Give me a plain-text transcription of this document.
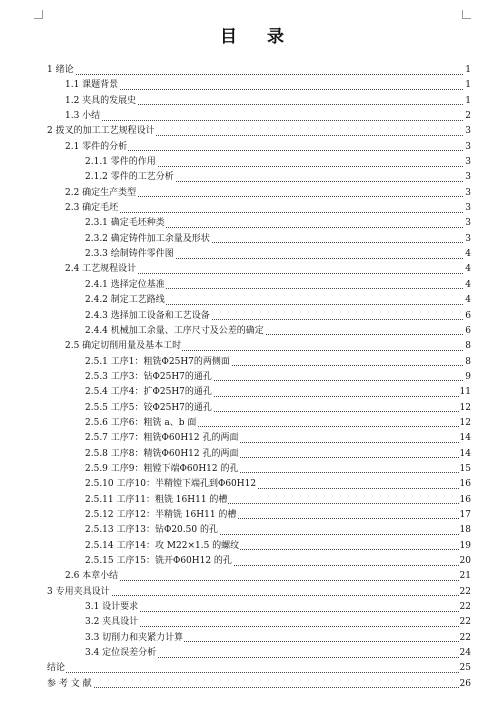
目 录
1 绪论	1
1.1 课题背景	1
1.2 夹具的发展史	1
1.3 小结	2
2 拨叉的加工工艺规程设计	3
2.1 零件的分析	3
2.1.1 零件的作用	3
2.1.2 零件的工艺分析	3
2.2 确定生产类型	3
2.3 确定毛坯	3
2.3.1 确定毛坯种类	3
2.3.2 确定铸件加工余量及形状	3
2.3.3 绘制铸件零件图	4
2.4 工艺规程设计	4
2.4.1 选择定位基准	4
2.4.2 制定工艺路线	4
2.4.3 选择加工设备和工艺设备	6
2.4.4 机械加工余量、工序尺寸及公差的确定	6
2.5 确定切削用量及基本工时	8
2.5.1 工序1：粗铣Φ25H7的两侧面	8
2.5.3 工序3：钻Φ25H7的通孔	9
2.5.4 工序4：扩Φ25H7的通孔	11
2.5.5 工序5：铰Φ25H7的通孔	12
2.5.6 工序6：粗铣 a、b 面	12
2.5.7 工序7：粗铣Φ60H12 孔的两面	14
2.5.8 工序8：精铣Φ60H12 孔的两面	14
2.5.9 工序9：粗镗下端Φ60H12 的孔	15
2.5.10 工序10：半精镗下端孔到Φ60H12	16
2.5.11 工序11：粗铣 16H11 的槽	16
2.5.12 工序12：半精铣 16H11 的槽	17
2.5.13 工序13：钻Φ20.50 的孔	18
2.5.14 工序14：攻 M22×1.5 的螺纹	19
2.5.15 工序15：铣开Φ60H12 的孔	20
2.6 本章小结	21
3 专用夹具设计	22
3.1 设计要求	22
3.2 夹具设计	22
3.3 切削力和夹紧力计算	22
3.4 定位误差分析	24
结论	25
参 考 文 献	26
